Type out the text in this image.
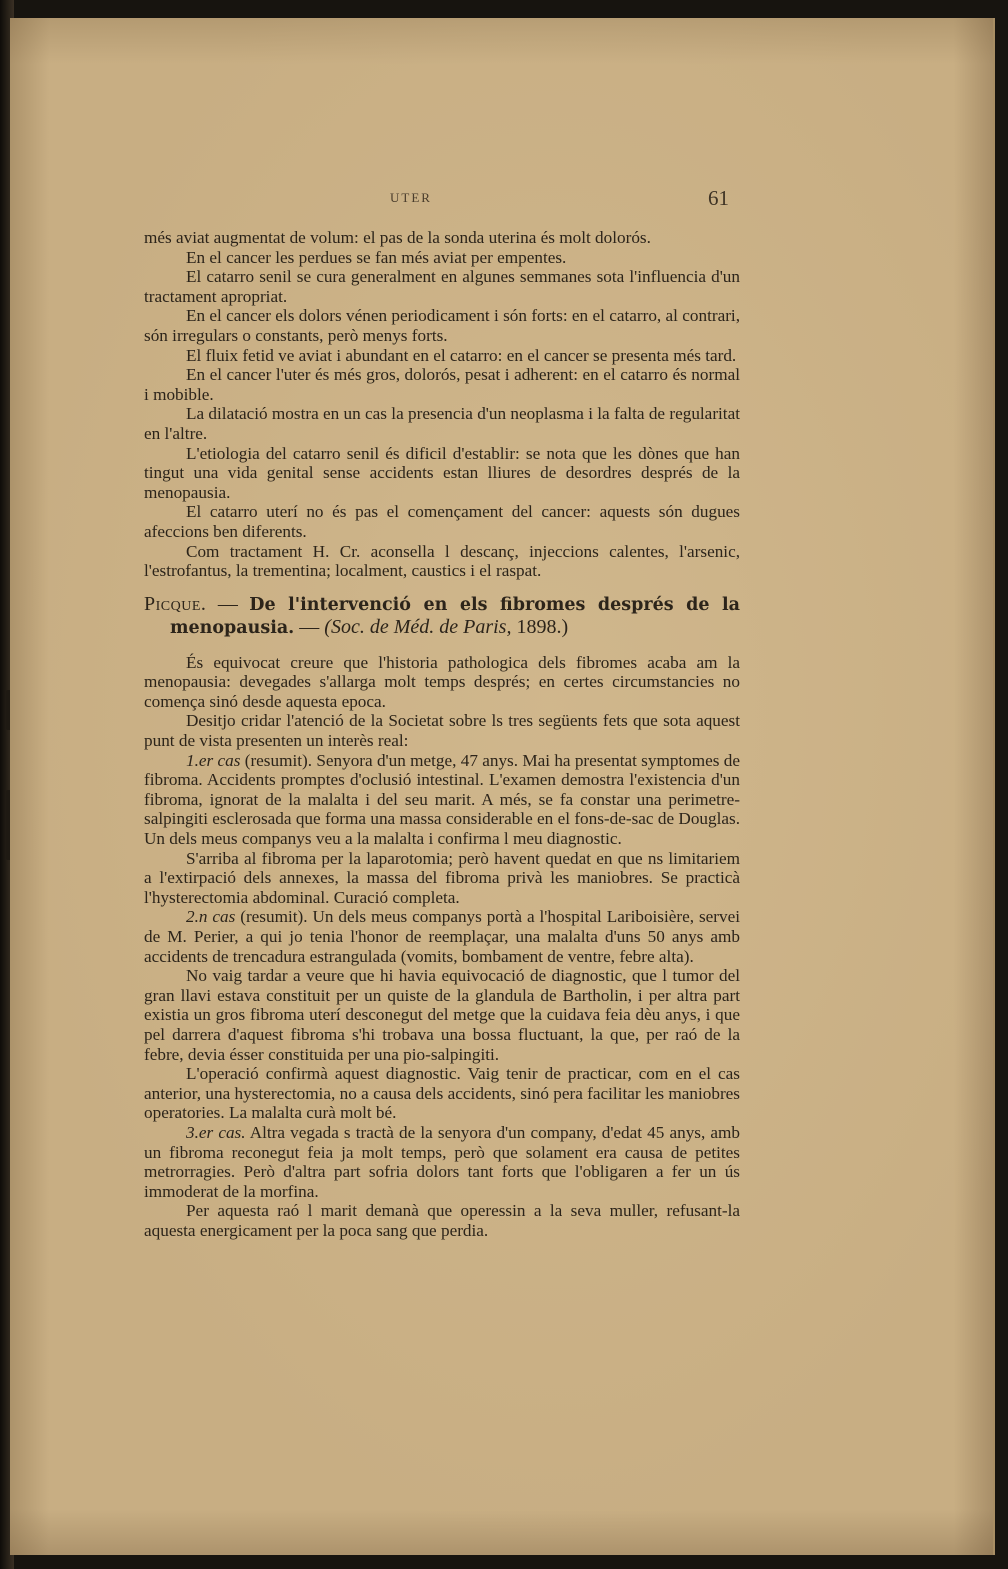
UTER	61

més aviat augmentat de volum: el pas de la sonda uterina és molt dolorós.

En el cancer les perdues se fan més aviat per empentes.

El catarro senil se cura generalment en algunes semmanes sota l'influencia d'un tractament apropriat.

En el cancer els dolors vénen periodicament i són forts: en el catarro, al contrari, són irregulars o constants, però menys forts.

El fluix fetid ve aviat i abundant en el catarro: en el cancer se presenta més tard.

En el cancer l'uter és més gros, dolorós, pesat i adherent: en el catarro és normal i mobible.

La dilatació mostra en un cas la presencia d'un neoplasma i la falta de regularitat en l'altre.

L'etiologia del catarro senil és dificil d'establir: se nota que les dònes que han tingut una vida genital sense accidents estan lliures de desordres després de la menopausia.

El catarro uterí no és pas el començament del cancer: aquests són dugues afeccions ben diferents.

Com tractament H. Cr. aconsella l descanç, injeccions calentes, l'arsenic, l'estrofantus, la trementina; localment, caustics i el raspat.

Picque. — De l'intervenció en els fibromes després de la menopausia. — (Soc. de Méd. de Paris, 1898.)

És equivocat creure que l'historia pathologica dels fibromes acaba am la menopausia: devegades s'allarga molt temps després; en certes circumstancies no comença sinó desde aquesta epoca.

Desitjo cridar l'atenció de la Societat sobre ls tres següents fets que sota aquest punt de vista presenten un interès real:

1.er cas (resumit). Senyora d'un metge, 47 anys. Mai ha presentat symptomes de fibroma. Accidents promptes d'oclusió intestinal. L'examen demostra l'existencia d'un fibroma, ignorat de la malalta i del seu marit. A més, se fa constar una perimetre-salpingiti esclerosada que forma una massa considerable en el fons-de-sac de Douglas. Un dels meus companys veu a la malalta i confirma l meu diagnostic.

S'arriba al fibroma per la laparotomia; però havent quedat en que ns limitariem a l'extirpació dels annexes, la massa del fibroma privà les maniobres. Se practicà l'hysterectomia abdominal. Curació completa.

2.n cas (resumit). Un dels meus companys portà a l'hospital Lariboisière, servei de M. Perier, a qui jo tenia l'honor de reemplaçar, una malalta d'uns 50 anys amb accidents de trencadura estrangulada (vomits, bombament de ventre, febre alta).

No vaig tardar a veure que hi havia equivocació de diagnostic, que l tumor del gran llavi estava constituit per un quiste de la glandula de Bartholin, i per altra part existia un gros fibroma uterí desconegut del metge que la cuidava feia dèu anys, i que pel darrera d'aquest fibroma s'hi trobava una bossa fluctuant, la que, per raó de la febre, devia ésser constituida per una pio-salpingiti.

L'operació confirmà aquest diagnostic. Vaig tenir de practicar, com en el cas anterior, una hysterectomia, no a causa dels accidents, sinó pera facilitar les maniobres operatories. La malalta curà molt bé.

3.er cas. Altra vegada s tractà de la senyora d'un company, d'edat 45 anys, amb un fibroma reconegut feia ja molt temps, però que solament era causa de petites metrorragies. Però d'altra part sofria dolors tant forts que l'obligaren a fer un ús immoderat de la morfina.

Per aquesta raó l marit demanà que operessin a la seva muller, refusant-la aquesta energicament per la poca sang que perdia.
